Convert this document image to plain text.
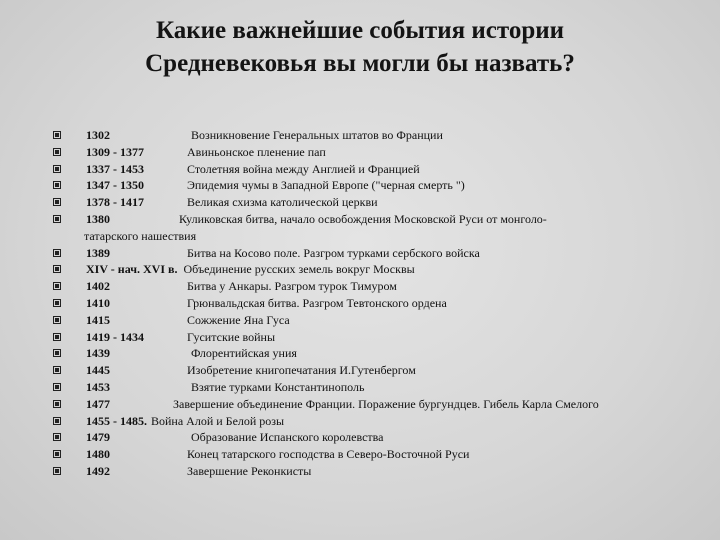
Какие важнейшие события истории
Средневековья вы могли бы назвать?
1302	Возникновение Генеральных штатов во Франции
1309 - 1377	Авиньонское пленение пап
1337 - 1453	Столетняя война между Англией и Францией
1347 - 1350	Эпидемия чумы в Западной Европе ("черная смерть ")
1378 - 1417	Великая схизма католической церкви
1380	Куликовская битва, начало освобождения Московской Руси от монголо-
татарского нашествия
1389	Битва на Косово поле. Разгром турками сербского войска
XIV - нач. XVI в. Объединение русских земель вокруг Москвы
1402	Битва у Анкары. Разгром турок Тимуром
1410	Грюнвальдская битва. Разгром Тевтонского ордена
1415	Сожжение Яна Гуса
1419 - 1434	Гуситские войны
1439	Флорентийская уния
1445	Изобретение книгопечатания И.Гутенбергом
1453	Взятие турками Константинополь
1477	Завершение объединение Франции. Поражение бургундцев. Гибель Карла Смелого
1455 - 1485. Война Алой и Белой розы
1479	Образование Испанского королевства
1480	Конец татарского господства в Северо-Восточной Руси
1492	Завершение Реконкисты
